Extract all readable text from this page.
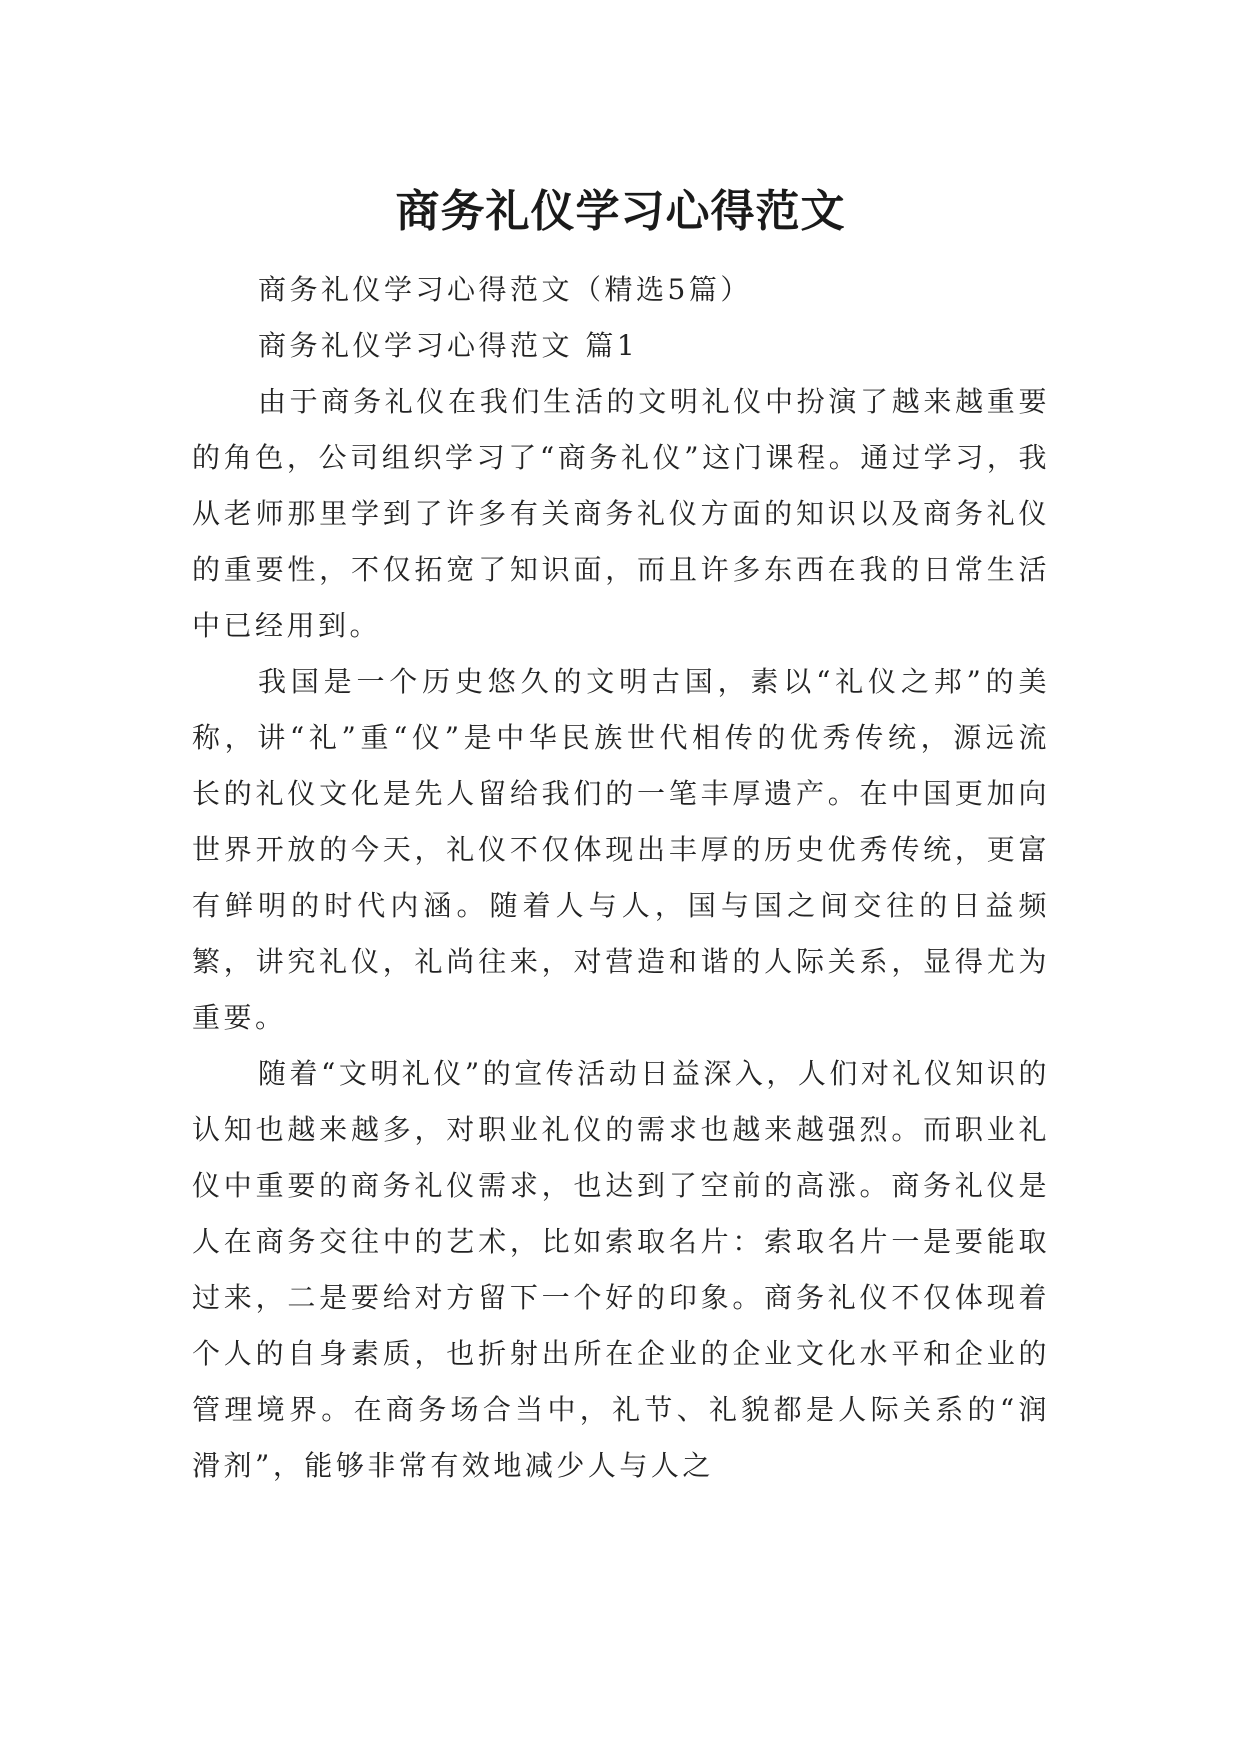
商务礼仪学习心得范文

商务礼仪学习心得范文（精选5篇）

商务礼仪学习心得范文 篇1

由于商务礼仪在我们生活的文明礼仪中扮演了越来越重要的角色，公司组织学习了“商务礼仪”这门课程。通过学习，我从老师那里学到了许多有关商务礼仪方面的知识以及商务礼仪的重要性，不仅拓宽了知识面，而且许多东西在我的日常生活中已经用到。

我国是一个历史悠久的文明古国，素以“礼仪之邦”的美称，讲“礼”重“仪”是中华民族世代相传的优秀传统，源远流长的礼仪文化是先人留给我们的一笔丰厚遗产。在中国更加向世界开放的今天，礼仪不仅体现出丰厚的历史优秀传统，更富有鲜明的时代内涵。随着人与人，国与国之间交往的日益频繁，讲究礼仪，礼尚往来，对营造和谐的人际关系，显得尤为重要。

随着“文明礼仪”的宣传活动日益深入，人们对礼仪知识的认知也越来越多，对职业礼仪的需求也越来越强烈。而职业礼仪中重要的商务礼仪需求，也达到了空前的高涨。商务礼仪是人在商务交往中的艺术，比如索取名片：索取名片一是要能取过来，二是要给对方留下一个好的印象。商务礼仪不仅体现着个人的自身素质，也折射出所在企业的企业文化水平和企业的管理境界。在商务场合当中，礼节、礼貌都是人际关系的“润滑剂”，能够非常有效地减少人与人之
